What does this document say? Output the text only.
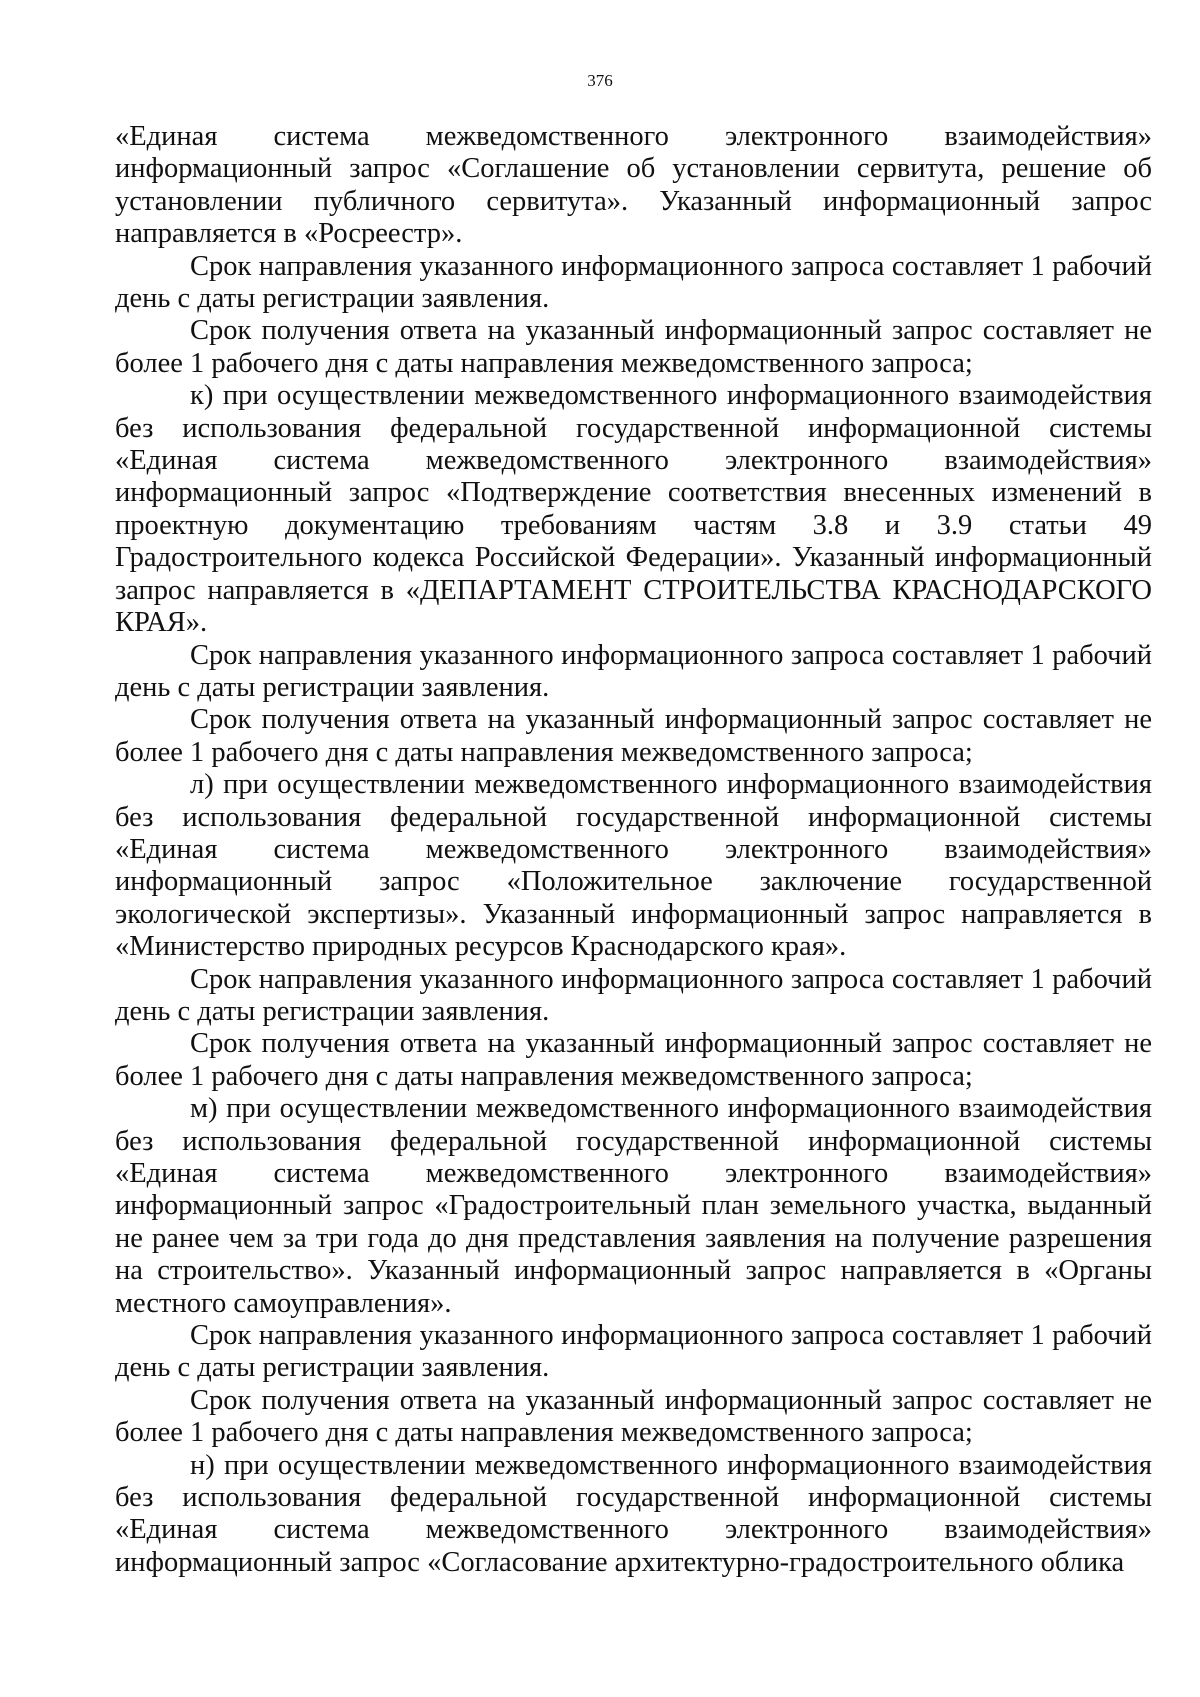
376

«Единая система межведомственного электронного взаимодействия» информационный запрос «Соглашение об установлении сервитута, решение об установлении публичного сервитута». Указанный информационный запрос направляется в «Росреестр».

Срок направления указанного информационного запроса составляет 1 рабочий день с даты регистрации заявления.

Срок получения ответа на указанный информационный запрос составляет не более 1 рабочего дня с даты направления межведомственного запроса;

к) при осуществлении межведомственного информационного взаимодействия без использования федеральной государственной информационной системы «Единая система межведомственного электронного взаимодействия» информационный запрос «Подтверждение соответствия внесенных изменений в проектную документацию требованиям частям 3.8 и 3.9 статьи 49 Градостроительного кодекса Российской Федерации». Указанный информационный запрос направляется в «ДЕПАРТАМЕНТ СТРОИТЕЛЬСТВА КРАСНОДАРСКОГО КРАЯ».

Срок направления указанного информационного запроса составляет 1 рабочий день с даты регистрации заявления.

Срок получения ответа на указанный информационный запрос составляет не более 1 рабочего дня с даты направления межведомственного запроса;

л) при осуществлении межведомственного информационного взаимодействия без использования федеральной государственной информационной системы «Единая система межведомственного электронного взаимодействия» информационный запрос «Положительное заключение государственной экологической экспертизы». Указанный информационный запрос направляется в «Министерство природных ресурсов Краснодарского края».

Срок направления указанного информационного запроса составляет 1 рабочий день с даты регистрации заявления.

Срок получения ответа на указанный информационный запрос составляет не более 1 рабочего дня с даты направления межведомственного запроса;

м) при осуществлении межведомственного информационного взаимодействия без использования федеральной государственной информационной системы «Единая система межведомственного электронного взаимодействия» информационный запрос «Градостроительный план земельного участка, выданный не ранее чем за три года до дня представления заявления на получение разрешения на строительство». Указанный информационный запрос направляется в «Органы местного самоуправления».

Срок направления указанного информационного запроса составляет 1 рабочий день с даты регистрации заявления.

Срок получения ответа на указанный информационный запрос составляет не более 1 рабочего дня с даты направления межведомственного запроса;

н) при осуществлении межведомственного информационного взаимодействия без использования федеральной государственной информационной системы «Единая система межведомственного электронного взаимодействия» информационный запрос «Согласование архитектурно-градостроительного облика
